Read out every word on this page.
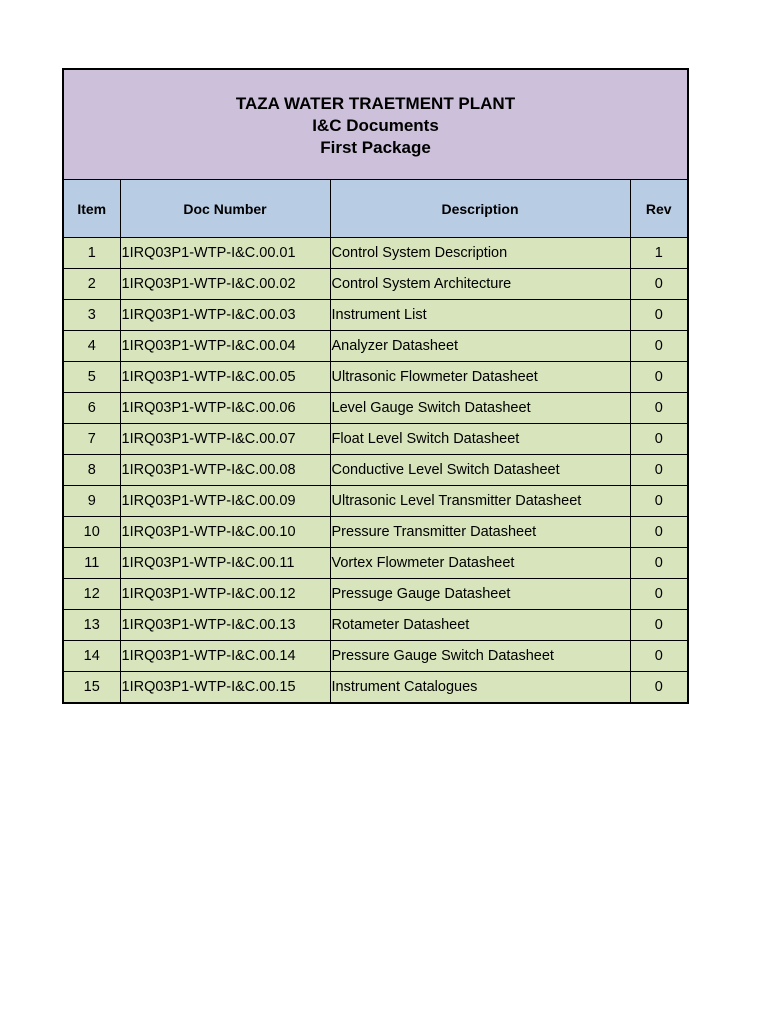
TAZA WATER TRAETMENT PLANT
I&C Documents
First Package
Item	Doc Number	Description	Rev
1	1IRQ03P1-WTP-I&C.00.01	Control System Description	1
2	1IRQ03P1-WTP-I&C.00.02	Control System Architecture	0
3	1IRQ03P1-WTP-I&C.00.03	Instrument List	0
4	1IRQ03P1-WTP-I&C.00.04	Analyzer Datasheet	0
5	1IRQ03P1-WTP-I&C.00.05	Ultrasonic Flowmeter Datasheet	0
6	1IRQ03P1-WTP-I&C.00.06	Level Gauge Switch Datasheet	0
7	1IRQ03P1-WTP-I&C.00.07	Float Level Switch Datasheet	0
8	1IRQ03P1-WTP-I&C.00.08	Conductive Level Switch Datasheet	0
9	1IRQ03P1-WTP-I&C.00.09	Ultrasonic Level Transmitter Datasheet	0
10	1IRQ03P1-WTP-I&C.00.10	Pressure Transmitter Datasheet	0
11	1IRQ03P1-WTP-I&C.00.11	Vortex Flowmeter Datasheet	0
12	1IRQ03P1-WTP-I&C.00.12	Pressuge Gauge Datasheet	0
13	1IRQ03P1-WTP-I&C.00.13	Rotameter Datasheet	0
14	1IRQ03P1-WTP-I&C.00.14	Pressure Gauge Switch Datasheet	0
15	1IRQ03P1-WTP-I&C.00.15	Instrument Catalogues	0
